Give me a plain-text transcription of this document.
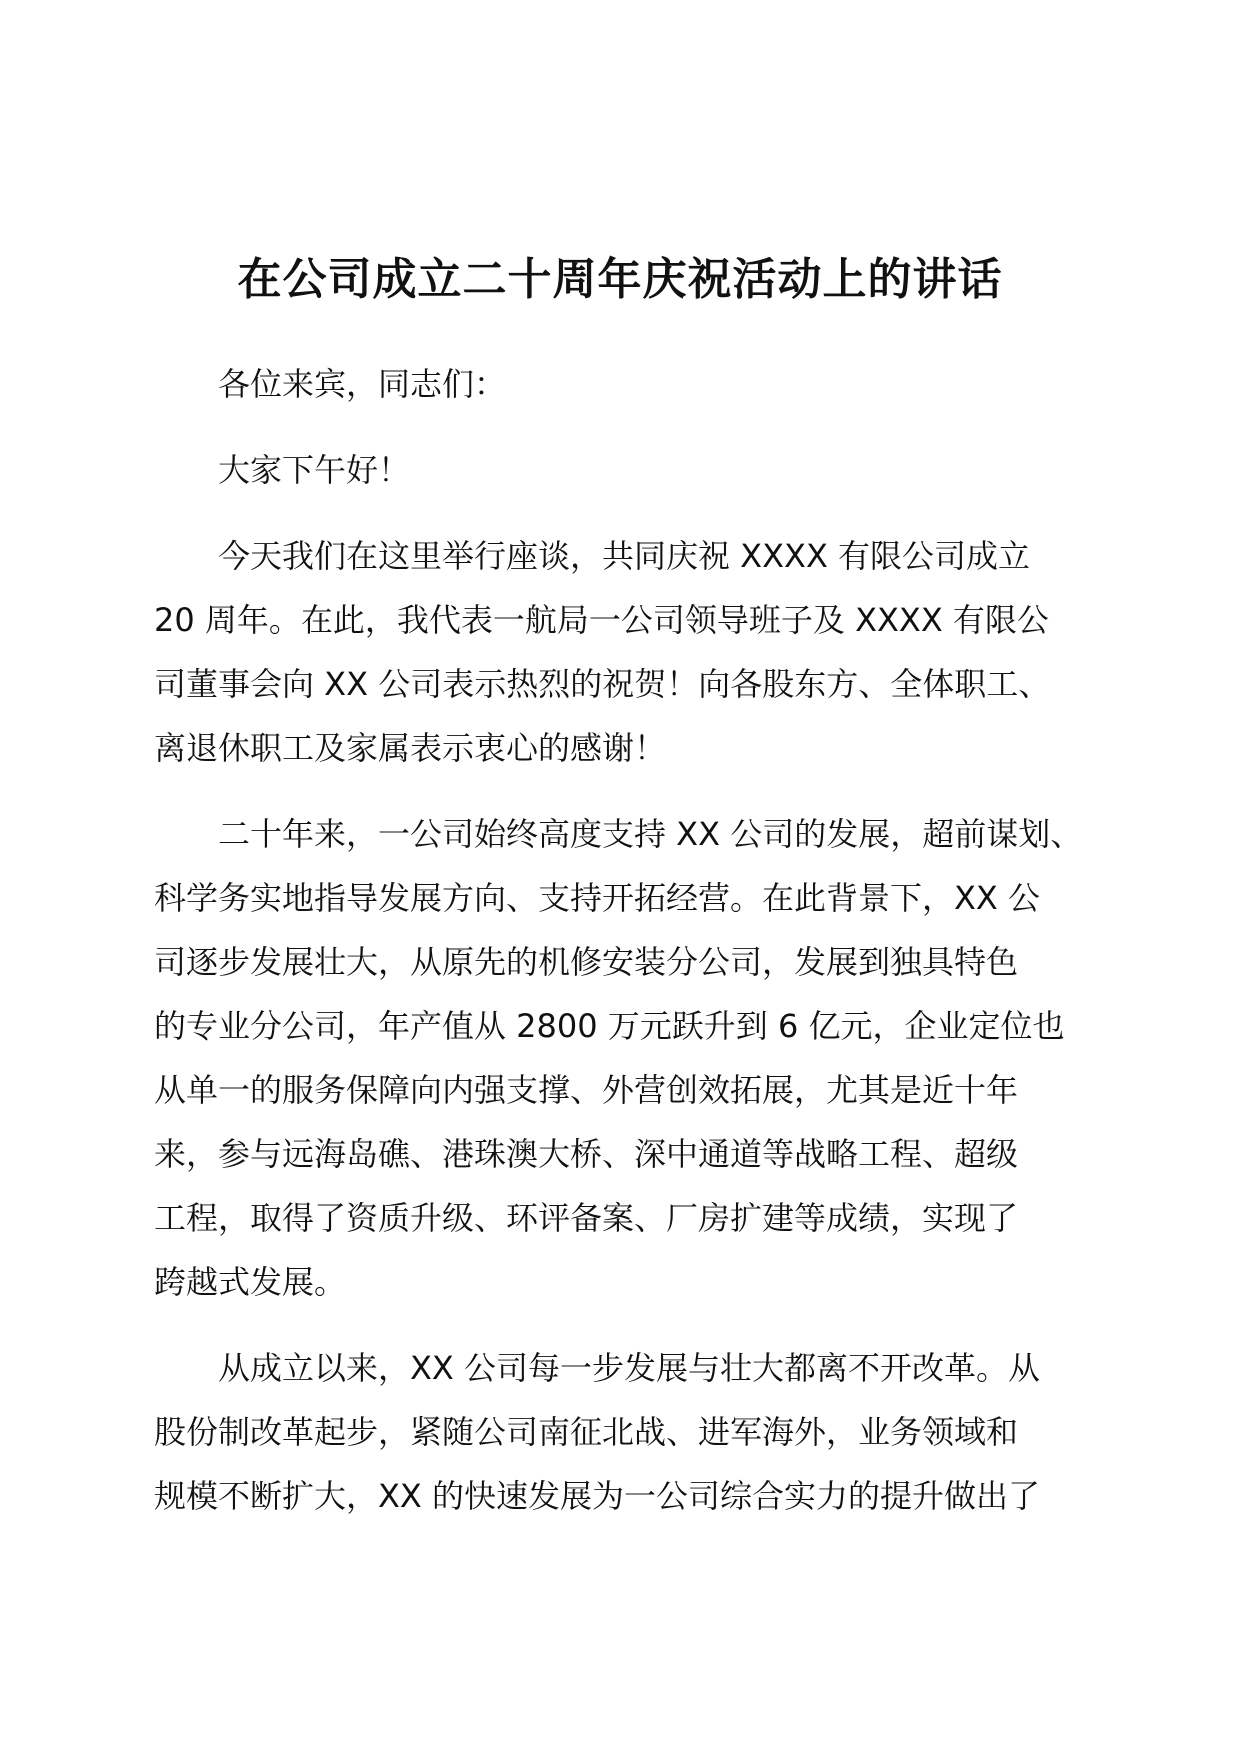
在公司成立二十周年庆祝活动上的讲话

各位来宾，同志们：

大家下午好！

今天我们在这里举行座谈，共同庆祝 XXXX 有限公司成立
20 周年。在此，我代表一航局一公司领导班子及 XXXX 有限公
司董事会向 XX 公司表示热烈的祝贺！向各股东方、全体职工、
离退休职工及家属表示衷心的感谢！

二十年来，一公司始终高度支持 XX 公司的发展，超前谋划、
科学务实地指导发展方向、支持开拓经营。在此背景下，XX 公
司逐步发展壮大，从原先的机修安装分公司，发展到独具特色
的专业分公司，年产值从 2800 万元跃升到 6 亿元，企业定位也
从单一的服务保障向内强支撑、外营创效拓展，尤其是近十年
来，参与远海岛礁、港珠澳大桥、深中通道等战略工程、超级
工程，取得了资质升级、环评备案、厂房扩建等成绩，实现了
跨越式发展。

从成立以来，XX 公司每一步发展与壮大都离不开改革。从
股份制改革起步，紧随公司南征北战、进军海外，业务领域和
规模不断扩大，XX 的快速发展为一公司综合实力的提升做出了
